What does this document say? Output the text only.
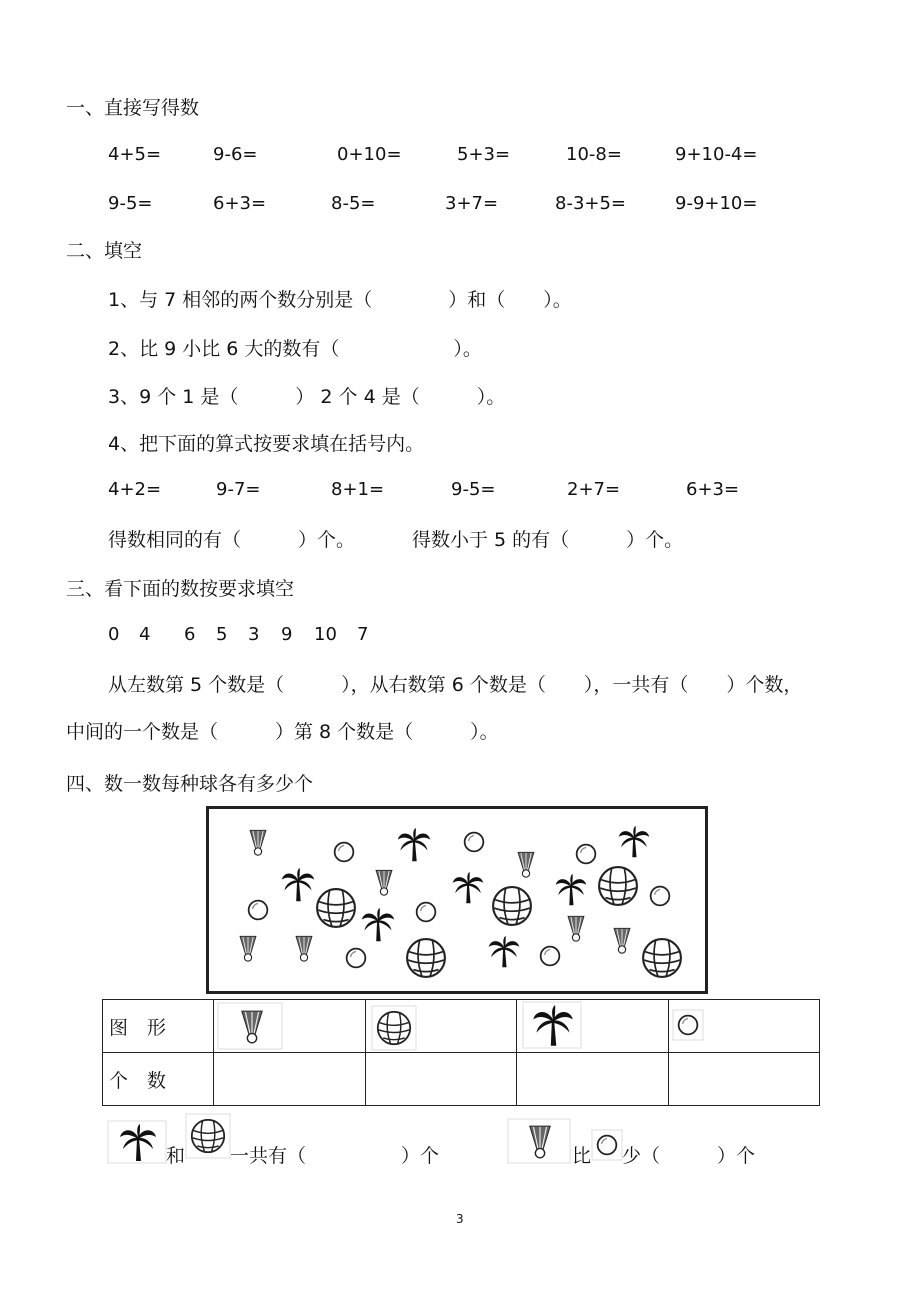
一、直接写得数
4+5=	9-6=	0+10=	5+3=	10-8=	9+10-4=
9-5=	6+3=	8-5=	3+7=	8-3+5=	9-9+10=
二、填空
1、与 7 相邻的两个数分别是（　　　　）和（　　）。
2、比 9 小比 6 大的数有（　　　　　　）。
3、9 个 1 是（　　　） 2 个 4 是（　　　）。
4、把下面的算式按要求填在括号内。
4+2=	9-7=	8+1=	9-5=	2+7=	6+3=
得数相同的有（　　　）个。	得数小于 5 的有（　　　）个。
三、看下面的数按要求填空
0 4 6 5 3 9 10 7
从左数第 5 个数是（　　　），从右数第 6 个数是（　　），一共有（　　）个数，
中间的一个数是（　　　）第 8 个数是（　　　）。
四、数一数每种球各有多少个
图　形	

个　数				
和 一共有（　　　　　）个	比 少（　　　）个
3
